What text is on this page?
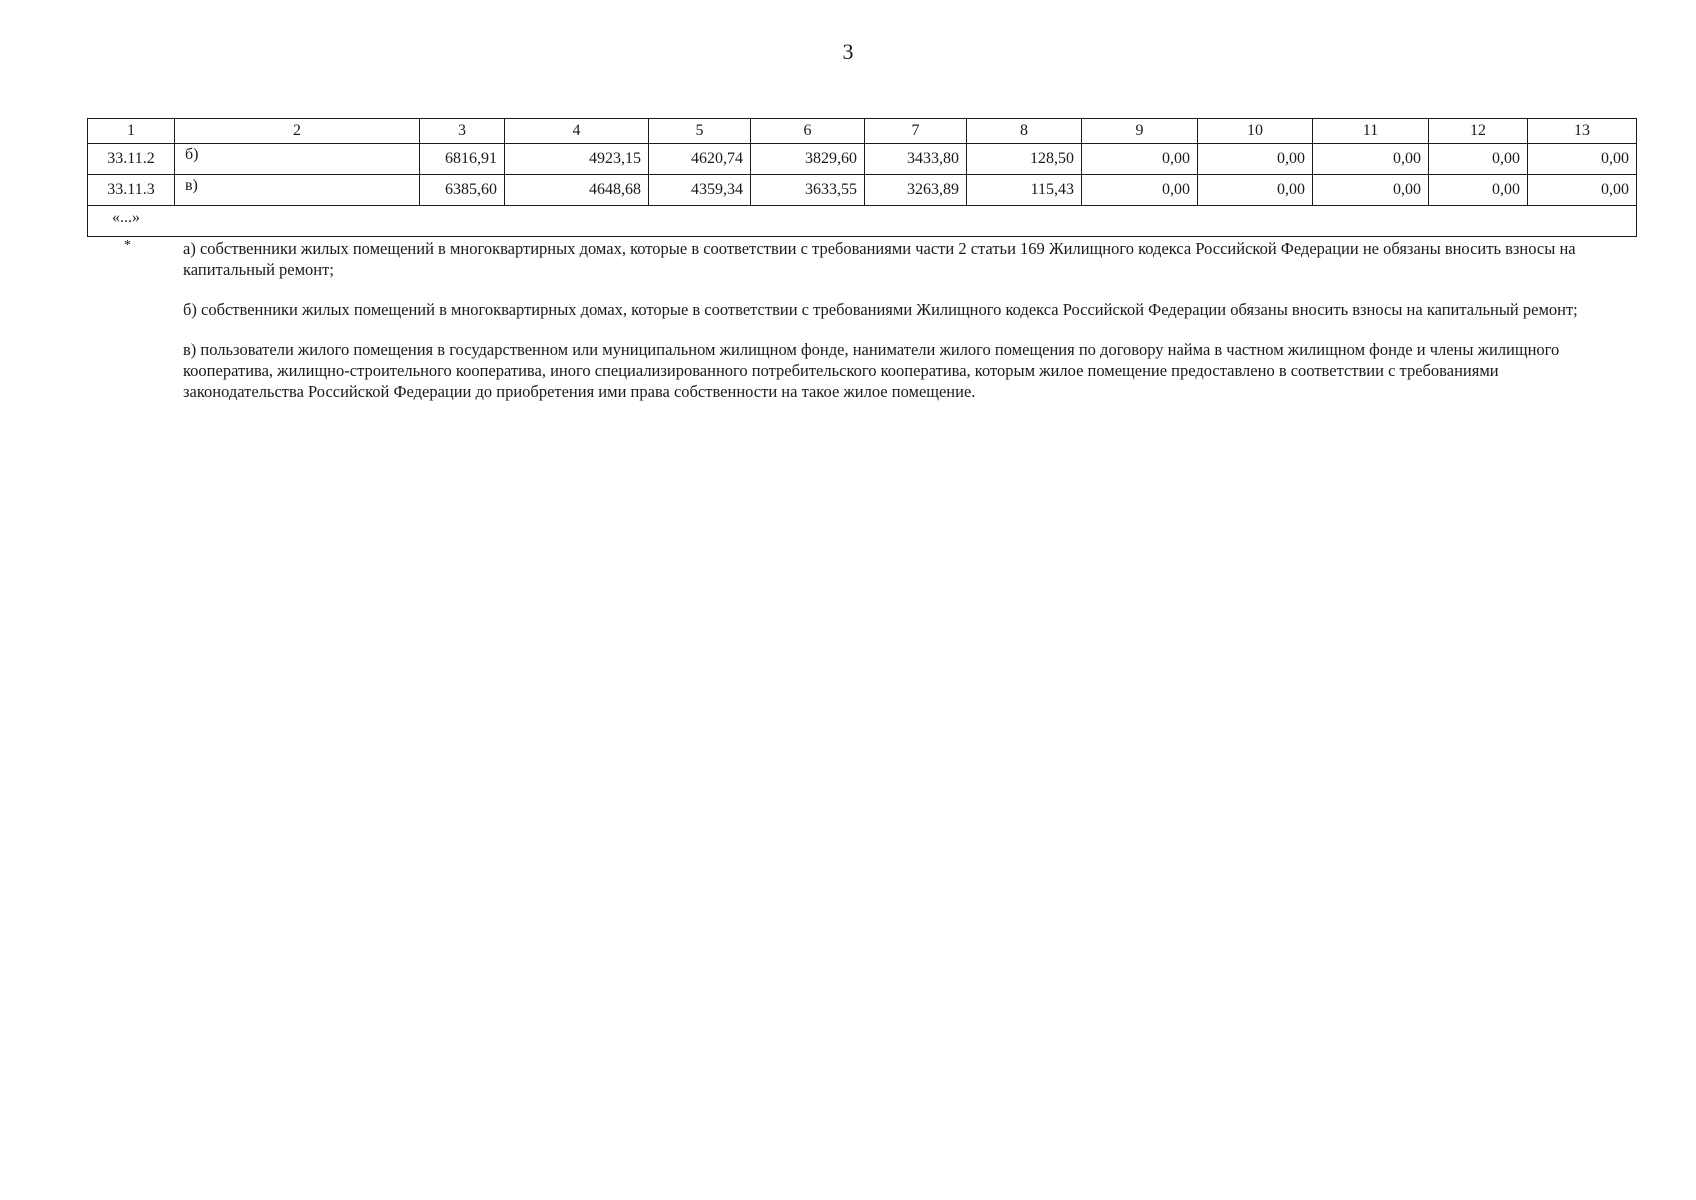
3
1	2	3	4	5	6	7	8	9	10	11	12	13
33.11.2	б)	6816,91	4923,15	4620,74	3829,60	3433,80	128,50	0,00	0,00	0,00	0,00	0,00
33.11.3	в)	6385,60	4648,68	4359,34	3633,55	3263,89	115,43	0,00	0,00	0,00	0,00	0,00
«...»												
*	а) собственники жилых помещений в многоквартирных домах, которые в соответствии с требованиями части 2 статьи 169 Жилищного кодекса Российской Федерации не обязаны вносить взносы на капитальный ремонт;

б) собственники жилых помещений в многоквартирных домах, которые в соответствии с требованиями Жилищного кодекса Российской Федерации обязаны вносить взносы на капитальный ремонт;

в) пользователи жилого помещения в государственном или муниципальном жилищном фонде, наниматели жилого помещения по договору найма в частном жилищном фонде и члены жилищного кооператива, жилищно-строительного кооператива, иного специализированного потребительского кооператива, которым жилое помещение предоставлено в соответствии с требованиями законодательства Российской Федерации до приобретения ими права собственности на такое жилое помещение.
